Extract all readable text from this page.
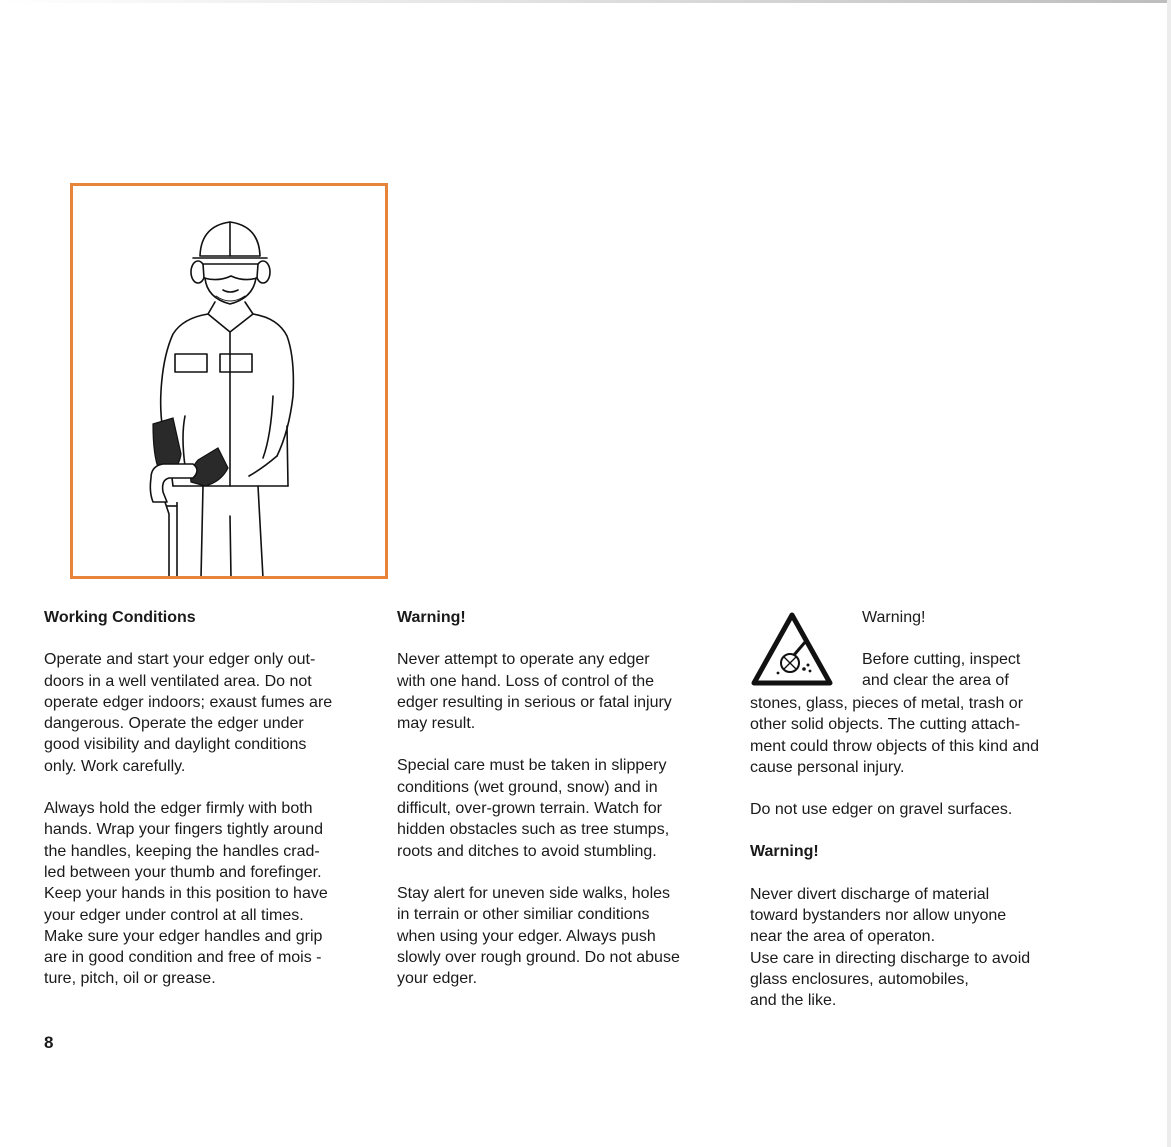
Working Conditions

Operate and start your edger only out-
doors in a well ventilated area. Do not
operate edger indoors; exaust fumes are
dangerous. Operate the edger under
good visibility and daylight conditions
only. Work carefully.

Always hold the edger firmly with both
hands. Wrap your fingers tightly around
the handles, keeping the handles crad-
led between your thumb and forefinger.
Keep your hands in this position to have
your edger under control at all times.
Make sure your edger handles and grip
are in good condition and free of mois -
ture, pitch, oil or grease.

Warning!

Never attempt to operate any edger
with one hand. Loss of control of the
edger resulting in serious or fatal injury
may result.

Special care must be taken in slippery
conditions (wet ground, snow) and in
difficult, over-grown terrain. Watch for
hidden obstacles such as tree stumps,
roots and ditches to avoid stumbling.

Stay alert for uneven side walks, holes
in terrain or other similiar conditions
when using your edger. Always push
slowly over rough ground. Do not abuse
your edger.

Warning!
Before cutting, inspect
and clear the area of

stones, glass, pieces of metal, trash or
other solid objects. The cutting attach-
ment could throw objects of this kind and
cause personal injury.

Do not use edger on gravel surfaces.

Warning!

Never divert discharge of material
toward bystanders nor allow unyone
near the area of operaton.
Use care in directing discharge to avoid
glass enclosures, automobiles,
and the like.

8
